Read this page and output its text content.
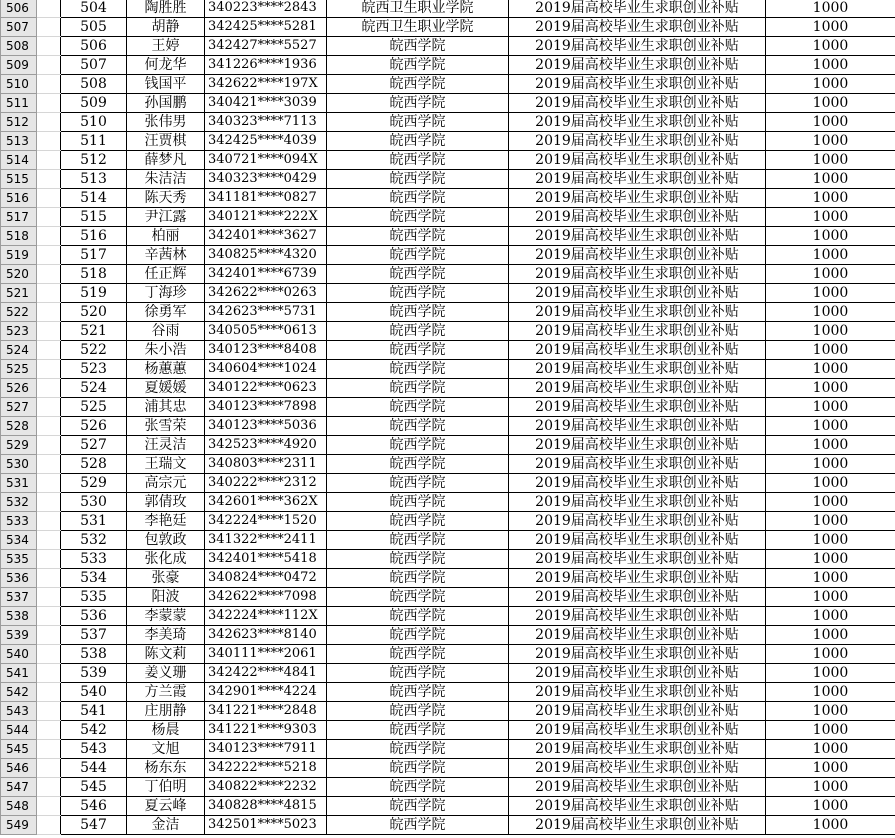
506		504	陶胜胜	340223****2843	皖西卫生职业学院	2019届高校毕业生求职创业补贴	1000
507		505	胡静	342425****5281	皖西卫生职业学院	2019届高校毕业生求职创业补贴	1000
508		506	王婷	342427****5527	皖西学院	2019届高校毕业生求职创业补贴	1000
509		507	何龙华	341226****1936	皖西学院	2019届高校毕业生求职创业补贴	1000
510		508	钱国平	342622****197X	皖西学院	2019届高校毕业生求职创业补贴	1000
511		509	孙国鹏	340421****3039	皖西学院	2019届高校毕业生求职创业补贴	1000
512		510	张伟男	340323****7113	皖西学院	2019届高校毕业生求职创业补贴	1000
513		511	汪贾棋	342425****4039	皖西学院	2019届高校毕业生求职创业补贴	1000
514		512	薛梦凡	340721****094X	皖西学院	2019届高校毕业生求职创业补贴	1000
515		513	朱洁洁	340323****0429	皖西学院	2019届高校毕业生求职创业补贴	1000
516		514	陈天秀	341181****0827	皖西学院	2019届高校毕业生求职创业补贴	1000
517		515	尹江露	340121****222X	皖西学院	2019届高校毕业生求职创业补贴	1000
518		516	柏丽	342401****3627	皖西学院	2019届高校毕业生求职创业补贴	1000
519		517	辛茜林	340825****4320	皖西学院	2019届高校毕业生求职创业补贴	1000
520		518	任正辉	342401****6739	皖西学院	2019届高校毕业生求职创业补贴	1000
521		519	丁海珍	342622****0263	皖西学院	2019届高校毕业生求职创业补贴	1000
522		520	徐勇军	342623****5731	皖西学院	2019届高校毕业生求职创业补贴	1000
523		521	谷雨	340505****0613	皖西学院	2019届高校毕业生求职创业补贴	1000
524		522	朱小浩	340123****8408	皖西学院	2019届高校毕业生求职创业补贴	1000
525		523	杨蕙蕙	340604****1024	皖西学院	2019届高校毕业生求职创业补贴	1000
526		524	夏媛媛	340122****0623	皖西学院	2019届高校毕业生求职创业补贴	1000
527		525	浦其忠	340123****7898	皖西学院	2019届高校毕业生求职创业补贴	1000
528		526	张雪荣	340123****5036	皖西学院	2019届高校毕业生求职创业补贴	1000
529		527	汪灵洁	342523****4920	皖西学院	2019届高校毕业生求职创业补贴	1000
530		528	王瑞文	340803****2311	皖西学院	2019届高校毕业生求职创业补贴	1000
531		529	高宗元	340222****2312	皖西学院	2019届高校毕业生求职创业补贴	1000
532		530	郭倩玫	342601****362X	皖西学院	2019届高校毕业生求职创业补贴	1000
533		531	李艳廷	342224****1520	皖西学院	2019届高校毕业生求职创业补贴	1000
534		532	包敦政	341322****2411	皖西学院	2019届高校毕业生求职创业补贴	1000
535		533	张化成	342401****5418	皖西学院	2019届高校毕业生求职创业补贴	1000
536		534	张豪	340824****0472	皖西学院	2019届高校毕业生求职创业补贴	1000
537		535	阳波	342622****7098	皖西学院	2019届高校毕业生求职创业补贴	1000
538		536	李蒙蒙	342224****112X	皖西学院	2019届高校毕业生求职创业补贴	1000
539		537	李美琦	342623****8140	皖西学院	2019届高校毕业生求职创业补贴	1000
540		538	陈文莉	340111****2061	皖西学院	2019届高校毕业生求职创业补贴	1000
541		539	姜义珊	342422****4841	皖西学院	2019届高校毕业生求职创业补贴	1000
542		540	方兰霞	342901****4224	皖西学院	2019届高校毕业生求职创业补贴	1000
543		541	庄朋静	341221****2848	皖西学院	2019届高校毕业生求职创业补贴	1000
544		542	杨晨	341221****9303	皖西学院	2019届高校毕业生求职创业补贴	1000
545		543	文旭	340123****7911	皖西学院	2019届高校毕业生求职创业补贴	1000
546		544	杨东东	342222****5218	皖西学院	2019届高校毕业生求职创业补贴	1000
547		545	丁伯明	340822****2232	皖西学院	2019届高校毕业生求职创业补贴	1000
548		546	夏云峰	340828****4815	皖西学院	2019届高校毕业生求职创业补贴	1000
549		547	金洁	342501****5023	皖西学院	2019届高校毕业生求职创业补贴	1000
